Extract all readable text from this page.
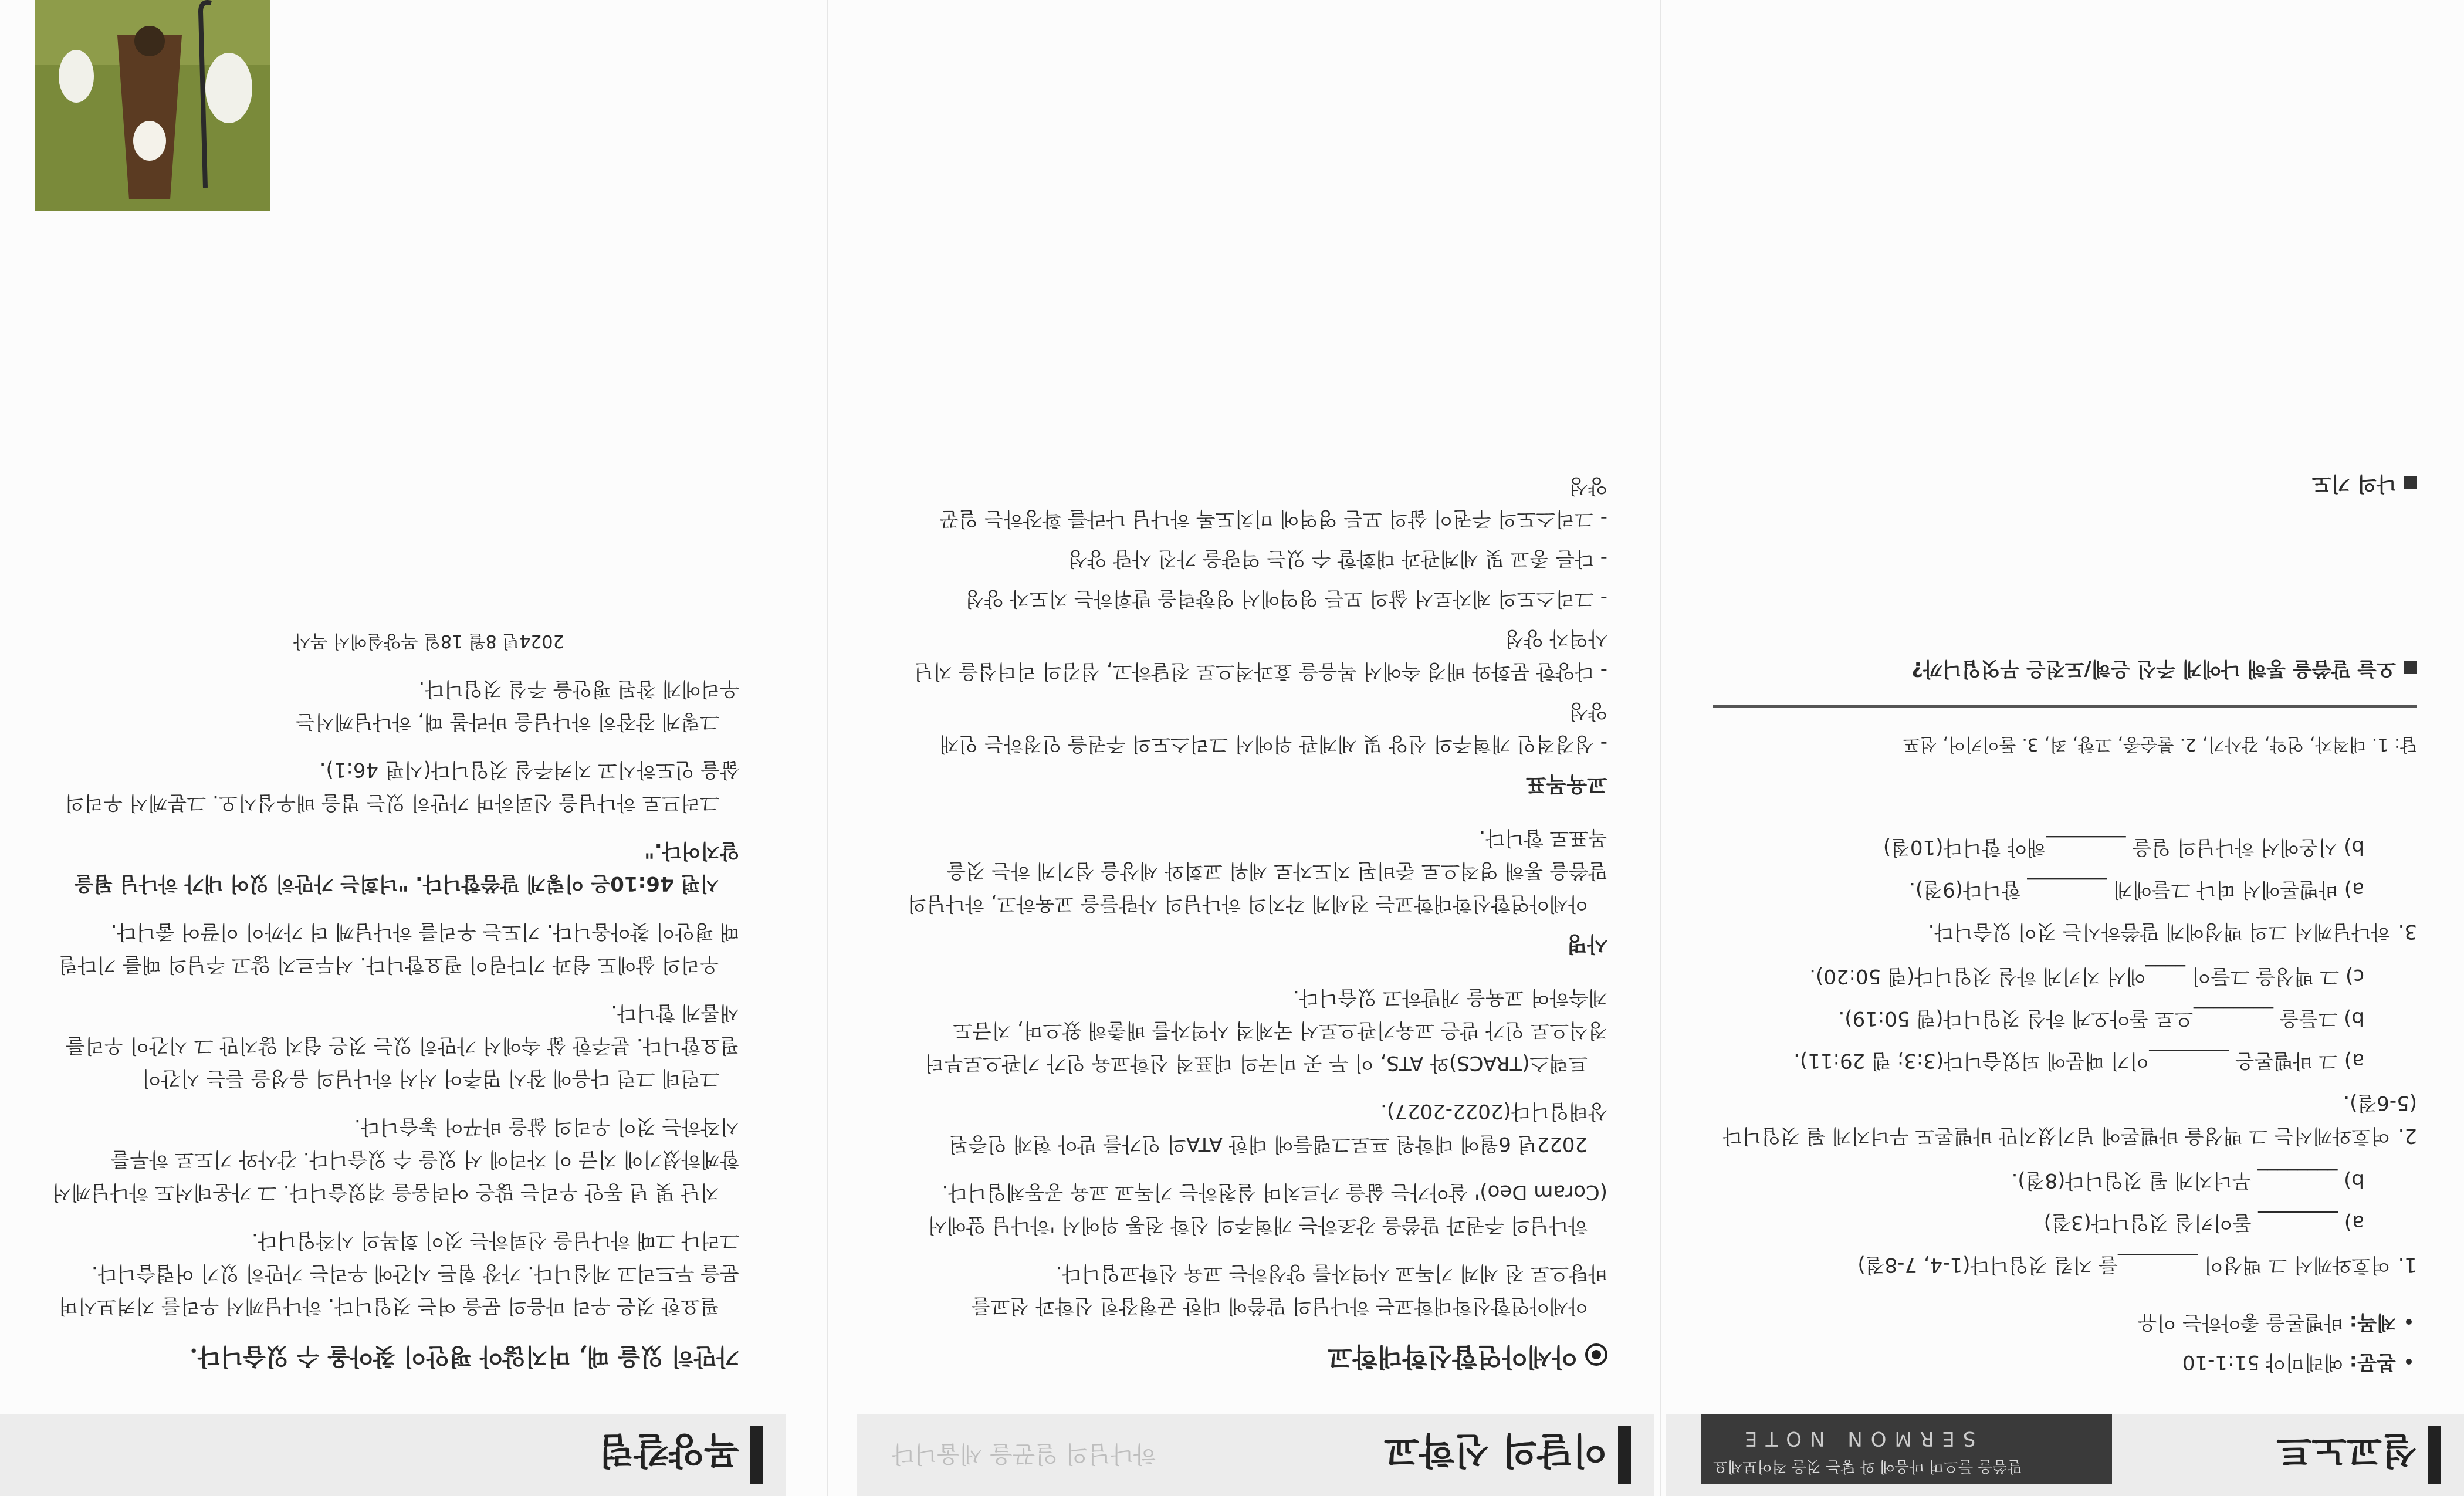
설교노트
말씀을 들으며 마음에 와 닿는 것을 적어보세요
SERMON NOTE
• 본문: 예레미야 51:1-10
• 제목: 바벨론을 좋아하는 이유
1.여호와께서 그 백성이 ________를 지킬 것입니다(1-4, 7-8절)
a) ________ 돌이키실 것입니다(3절)
b) ________ 무너지게 될 것입니다(8절).
2.여호와께서는 그 백성을 바벨론에 넘기셨지만 바벨론도 무너지게 될 것입니다(5-6절).
a) 그 바벨론은 ________이기 때문에 되었습니다(3:3; 렘 29:11).
b) 그들을 ________으로 돌아오게 하실 것입니다(렘 50:19).
c) 그 백성을 그들이 ____에서 지키게 하실 것입니다(렘 50:20).
3.하나님께서 그의 백성에게 말씀하시는 것이 있습니다.
a) 바벨론에서 떠나 그들에게 ________ 합니다(9절).
b) 시온에서 하나님의 일을 ________해야 합니다(10절)
답: 1. 대적자, 언약, 감사기, 2. 불순종, 고향, 죄, 3. 돌이키어, 선포
오늘 말씀을 통해 나에게 주신 은혜/도전은 무엇입니까?
나의 기도
이달의 신학교
하나님의 일꾼을 세웁니다
아세아연합신학대학교

아세아연합신학대학교는 하나님의 말씀에 대한 균형잡힌 신학과 선교를 바탕으로 전 세계 기독교 사역자를 양성하는 교육 신학교입니다.

하나님의 주권과 말씀을 강조하는 개혁주의 신학 전통 위에서 '하나님 앞에서(Coram Deo)' 살아가는 삶을 가르치며 실천하는 기독교 교육 공동체입니다.

2022년 6월에 대학원 프로그램들에 대한 ATA의 인가를 받아 현재 인증된 상태입니다(2022-2027).

트랙스(TRACS)와 ATS, 이 두 곳 미국의 대표적 신학교육 인가 기관으로부터 정식으로 인가 받은 교육기관으로서 국제적 사역자를 배출해 왔으며, 지금도 계속하여 교육을 개발하고 있습니다.

사명

아세아연합신학대학교는 전세계 각지의 하나님의 사람들을 교육하고, 하나님의 말씀을 통해 영적으로 준비된 지도자로 세워 교회와 세상을 섬기게 하는 것을 목표로 합니다.

교육목표
- 성경적인 개혁주의 신앙 및 세계관 위에서 그리스도의 주권을 인정하는 인재 양성
- 다양한 문화와 배경 속에서 복음을 효과적으로 전달하고, 섬김의 리더십을 지닌 사역자 양성
- 그리스도의 제자로서 삶의 모든 영역에서 영향력을 발휘하는 지도자 양성
- 다른 종교 및 세계관과 대화할 수 있는 역량을 가진 사람 양성
- 그리스도의 주권이 삶의 모든 영역에 미치도록 하나님 나라를 확장하는 일꾼 양성
목양칼럼
가만히 있을 때, 머지않아 평안이 찾아올 수 있습니다.

필요한 것은 우리 마음의 문을 여는 것입니다. 하나님께서 우리를 지켜보시며 문을 두드리고 계십니다. 가장 힘든 시간에 우리는 가만히 있기 어렵습니다. 그러나 그때 하나님을 신뢰하는 것이 회복의 시작입니다.

지난 몇 년 동안 우리는 많은 어려움을 겪었습니다. 그 가운데서도 하나님께서 함께하셨기에 지금 이 자리에 서 있을 수 있습니다. 감사와 기도로 하루를 시작하는 것이 우리의 삶을 바꾸어 놓습니다.

그런데 그런 다음에 잠시 멈추어 서서 하나님의 음성을 듣는 시간이 필요합니다. 분주한 삶 속에서 가만히 있는 것은 쉽지 않지만 그 시간이 우리를 새롭게 합니다.

우리의 삶에도 쉼과 기다림이 필요합니다. 서두르지 않고 주님의 때를 기다릴 때 평안이 찾아옵니다. 기도는 우리를 하나님께 더 가까이 이끌어 줍니다.

시편 46:10은 이렇게 말씀합니다. "너희는 가만히 있어 내가 하나님 됨을 알지어다."

그러므로 하나님을 신뢰하며 가만히 있는 법을 배우십시오. 그분께서 우리의 삶을 인도하시고 지켜주실 것입니다(시편 46:1).

그렇게 잠잠히 하나님을 바라볼 때, 하나님께서는 우리에게 참된 평안을 주실 것입니다.

2024년 8월 18일 목양실에서 목사
